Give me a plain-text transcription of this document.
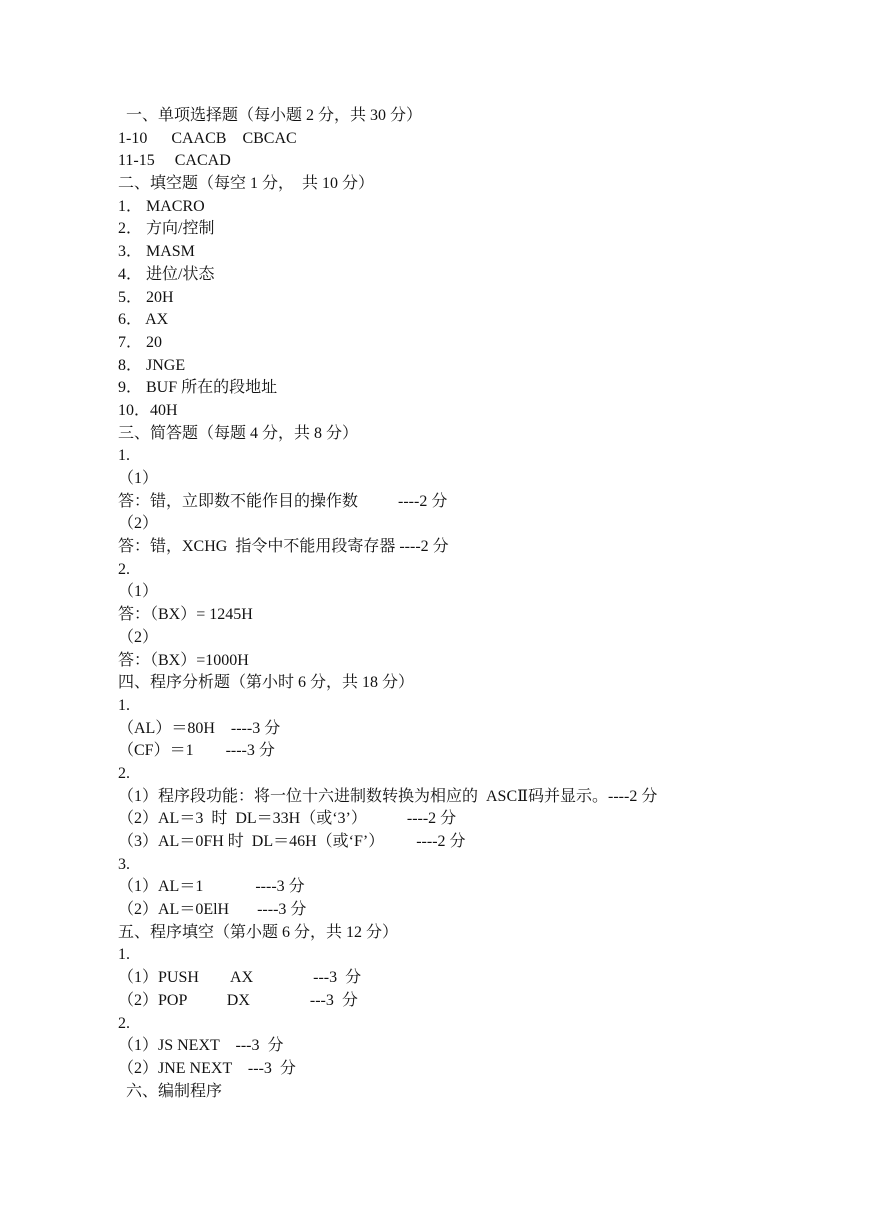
一、单项选择题（每小题 2 分，共 30 分）
1-10      CAACB    CBCAC
11-15     CACAD
二、填空题（每空 1 分，  共 10 分）
1． MACRO
2． 方向/控制
3． MASM
4． 进位/状态
5． 20H
6． AX
7． 20
8． JNGE
9． BUF 所在的段地址
10．40H
三、简答题（每题 4 分，共 8 分）
1.
（1）
答：错，立即数不能作目的操作数          ----2 分
（2）
答：错，XCHG  指令中不能用段寄存器 ----2 分
2.
（1）
答：（BX）= 1245H
（2）
答：（BX）=1000H
四、程序分析题（第小时 6 分，共 18 分）
1.
（AL）＝80H    ----3 分
（CF）＝1        ----3 分
2.
（1）程序段功能：将一位十六进制数转换为相应的  ASCⅡ码并显示。----2 分
（2）AL＝3  时  DL＝33H（或‘3’）          ----2 分
（3）AL＝0FH 时  DL＝46H（或‘F’）        ----2 分
3.
（1）AL＝1             ----3 分
（2）AL＝0ElH       ----3 分
五、程序填空（第小题 6 分，共 12 分）
1.
（1）PUSH        AX               ---3  分
（2）POP          DX               ---3  分
2.
（1）JS NEXT    ---3  分
（2）JNE NEXT    ---3  分
六、编制程序
